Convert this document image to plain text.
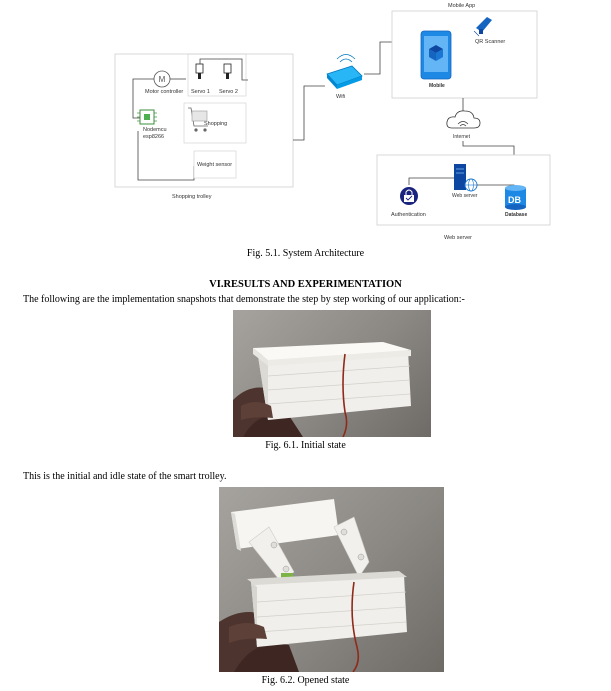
M
Motor controller Servo 1 Servo 2
Nodemcu
esp8266
Shopping
Weight sensor
Shopping trolley
Wifi
Mobile App
Mobile
QR Scanner
Internet
Web server
Authentication
DB
Database
Web server
Fig. 5.1. System Architecture
VI.RESULTS AND EXPERIMENTATION
The following are the implementation snapshots that demonstrate the step by step working of our application:-
Fig. 6.1. Initial state
This is the initial and idle state of the smart trolley.
Fig. 6.2. Opened state
